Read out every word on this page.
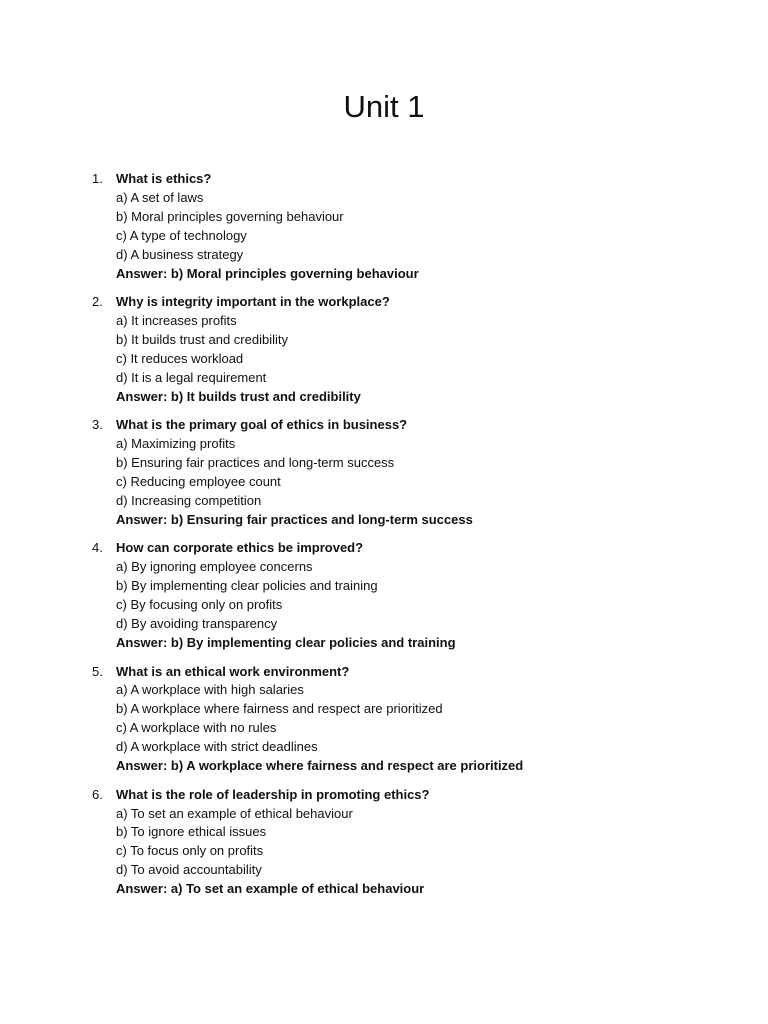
Unit 1
1.	What is ethics?
a) A set of laws
b) Moral principles governing behaviour
c) A type of technology
d) A business strategy
Answer: b) Moral principles governing behaviour
2.	Why is integrity important in the workplace?
a) It increases profits
b) It builds trust and credibility
c) It reduces workload
d) It is a legal requirement
Answer: b) It builds trust and credibility
3.	What is the primary goal of ethics in business?
a) Maximizing profits
b) Ensuring fair practices and long-term success
c) Reducing employee count
d) Increasing competition
Answer: b) Ensuring fair practices and long-term success
4.	How can corporate ethics be improved?
a) By ignoring employee concerns
b) By implementing clear policies and training
c) By focusing only on profits
d) By avoiding transparency
Answer: b) By implementing clear policies and training
5.	What is an ethical work environment?
a) A workplace with high salaries
b) A workplace where fairness and respect are prioritized
c) A workplace with no rules
d) A workplace with strict deadlines
Answer: b) A workplace where fairness and respect are prioritized
6.	What is the role of leadership in promoting ethics?
a) To set an example of ethical behaviour
b) To ignore ethical issues
c) To focus only on profits
d) To avoid accountability
Answer: a) To set an example of ethical behaviour
